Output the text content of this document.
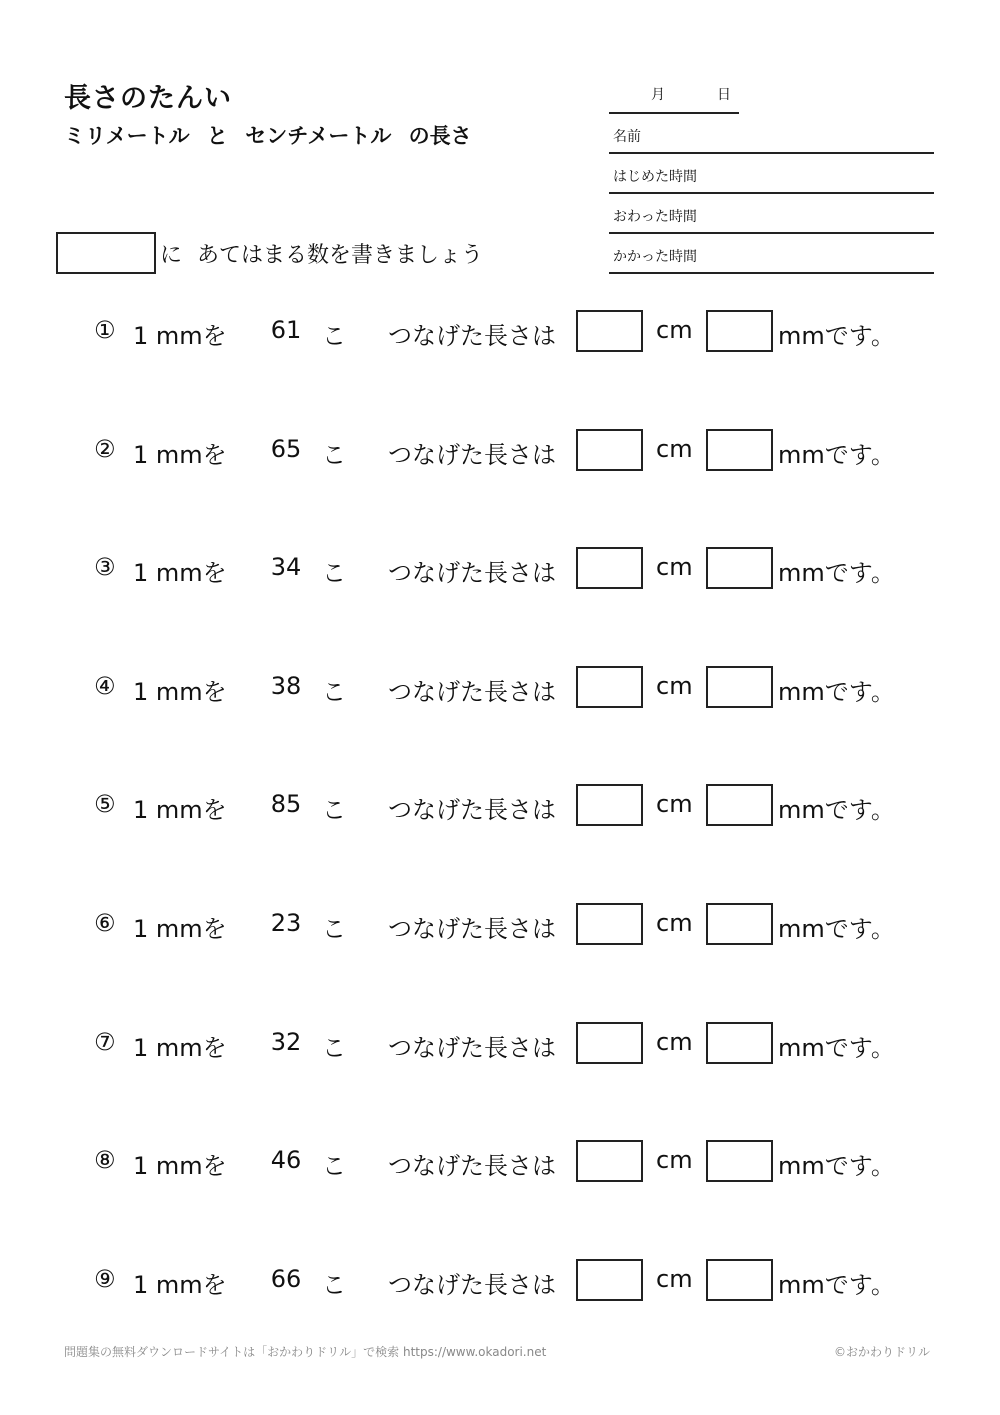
長さのたんい
ミリメートル と センチメートル の長さ
月	日
名前
はじめた時間
おわった時間
かかった時間
に あてはまる数を書きましょう
① 1 mmを 61 こ つなげた長さは	cm	mmです。
② 1 mmを 65 こ つなげた長さは	cm	mmです。
③ 1 mmを 34 こ つなげた長さは	cm	mmです。
④ 1 mmを 38 こ つなげた長さは	cm	mmです。
⑤ 1 mmを 85 こ つなげた長さは	cm	mmです。
⑥ 1 mmを 23 こ つなげた長さは	cm	mmです。
⑦ 1 mmを 32 こ つなげた長さは	cm	mmです。
⑧ 1 mmを 46 こ つなげた長さは	cm	mmです。
⑨ 1 mmを 66 こ つなげた長さは	cm	mmです。
問題集の無料ダウンロードサイトは「おかわりドリル」で検索 https://www.okadori.net	©おかわりドリル
